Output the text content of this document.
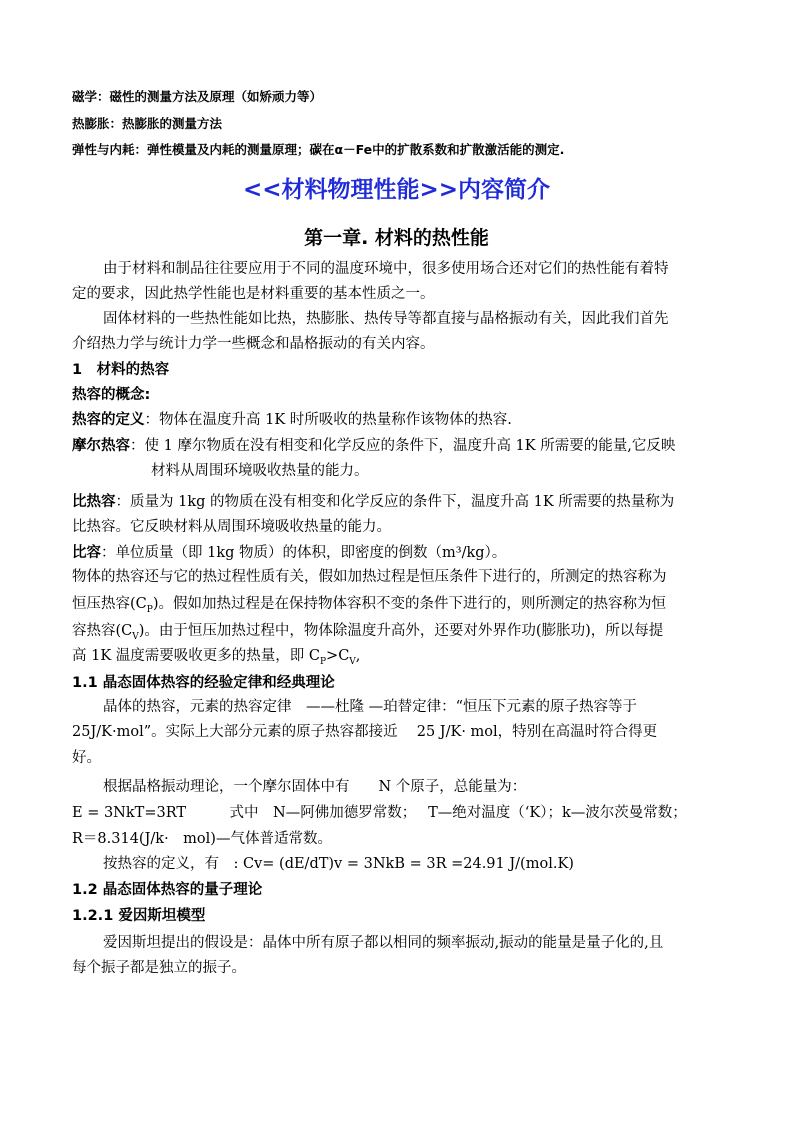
磁学：磁性的测量方法及原理（如矫顽力等）
热膨胀：热膨胀的测量方法
弹性与内耗：弹性模量及内耗的测量原理；碳在α－Fe中的扩散系数和扩散激活能的测定.
<<材料物理性能>>内容简介
第一章. 材料的热性能
由于材料和制品往往要应用于不同的温度环境中，很多使用场合还对它们的热性能有着特
定的要求，因此热学性能也是材料重要的基本性质之一。
固体材料的一些热性能如比热，热膨胀、热传导等都直接与晶格振动有关，因此我们首先
介绍热力学与统计力学一些概念和晶格振动的有关内容。
1　材料的热容
热容的概念:
热容的定义：物体在温度升高 1K 时所吸收的热量称作该物体的热容.
摩尔热容：使 1 摩尔物质在没有相变和化学反应的条件下，温度升高 1K 所需要的能量,它反映
材料从周围环境吸收热量的能力。
比热容：质量为 1kg 的物质在没有相变和化学反应的条件下，温度升高 1K 所需要的热量称为
比热容。它反映材料从周围环境吸收热量的能力。
比容：单位质量（即 1kg 物质）的体积，即密度的倒数（m³/kg）。
物体的热容还与它的热过程性质有关，假如加热过程是恒压条件下进行的，所测定的热容称为
恒压热容$(C_P)$。假如加热过程是在保持物体容积不变的条件下进行的，则所测定的热容称为恒
容热容$(C_V)$。由于恒压加热过程中，物体除温度升高外，还要对外界作功(膨胀功)，所以每提
高 1K 温度需要吸收更多的热量，即 $C_P>C_V$,
1.1 晶态固体热容的经验定律和经典理论
晶体的热容，元素的热容定律　——杜隆 —珀替定律：“恒压下元素的原子热容等于
25J/K·mol”。实际上大部分元素的原子热容都接近　 25 J/K· mol，特别在高温时符合得更
好。
根据晶格振动理论，一个摩尔固体中有　　N 个原子，总能量为：
E = 3NkT=3RT　　　式中　N—阿佛加德罗常数；　 T—绝对温度（‘K）；k—波尔茨曼常数；
R＝8.314(J/k·　mol)—气体普适常数。
按热容的定义，有　: Cv= (dE/dT)v = 3NkB = 3R =24.91 J/(mol.K)
1.2 晶态固体热容的量子理论
1.2.1 爱因斯坦模型
爱因斯坦提出的假设是：晶体中所有原子都以相同的频率振动,振动的能量是量子化的,且
每个振子都是独立的振子。
